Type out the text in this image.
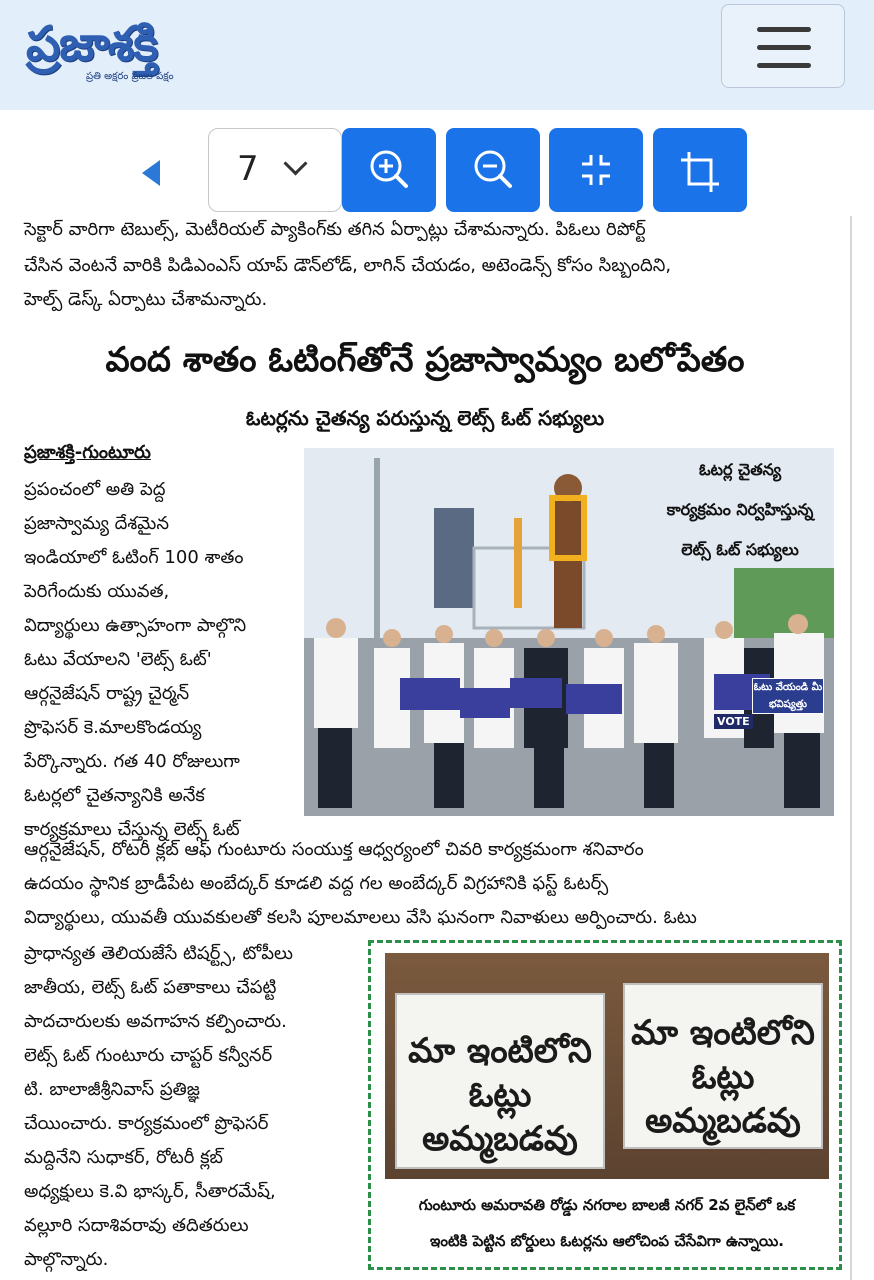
ప్రజాశక్తి
ప్రతి అక్షరం ప్రజల పక్షం
7
సెక్టార్ వారిగా టెబుల్స్, మెటీరియల్ ప్యాకింగ్‌కు తగిన ఏర్పాట్లు చేశామన్నారు. పిఓలు రిపోర్ట్
చేసిన వెంటనే వారికి పిడిఎంఎస్ యాప్ డౌన్‌లోడ్, లాగిన్ చేయడం, అటెండెన్స్ కోసం సిబ్బందిని,
హెల్ప్ డెస్క్ ఏర్పాటు చేశామన్నారు.
వంద శాతం ఓటింగ్‌తోనే ప్రజాస్వామ్యం బలోపేతం
ఓటర్లను చైతన్య పరుస్తున్న లెట్స్ ఓట్ సభ్యులు
ప్రజాశక్తి-గుంటూరు
ప్రపంచంలో అతి పెద్ద
ప్రజాస్వామ్య దేశమైన
ఇండియాలో ఓటింగ్ 100 శాతం
పెరిగేందుకు యువత,
విద్యార్థులు ఉత్సాహంగా పాల్గొని
ఓటు వేయాలని 'లెట్స్ ఓట్'
ఆర్గనైజేషన్ రాష్ట్ర చైర్మన్
ప్రొఫెసర్ కె.మాలకొండయ్య
పేర్కొన్నారు. గత 40 రోజులుగా
ఓటర్లలో చైతన్యానికి అనేక
ఓటు వేయండి మీ భవిష్యత్తు
VOTE
ఓటర్ల చైతన్య
కార్యక్రమం నిర్వహిస్తున్న
లెట్స్ ఓట్ సభ్యులు
కార్యక్రమాలు చేస్తున్న లెట్స్ ఓట్
ఆర్గనైజేషన్, రోటరీ క్లబ్ ఆఫ్ గుంటూరు సంయుక్త ఆధ్వర్యంలో చివరి కార్యక్రమంగా శనివారం
ఉదయం స్థానిక బ్రాడీపేట అంబేద్కర్ కూడలి వద్ద గల అంబేద్కర్ విగ్రహానికి ఫస్ట్ ఓటర్స్
విద్యార్థులు, యువతీ యువకులతో కలసి పూలమాలలు వేసి ఘనంగా నివాళులు అర్పించారు. ఓటు
ప్రాధాన్యత తెలియజేసే టిషర్ట్స్, టోపీలు
జాతీయ, లెట్స్ ఓట్ పతాకాలు చేపట్టి
పాదచారులకు అవగాహన కల్పించారు.
లెట్స్ ఓట్ గుంటూరు చాప్టర్ కన్వీనర్
టి. బాలాజీశ్రీనివాస్ ప్రతిజ్ఞ
చేయించారు. కార్యక్రమంలో ప్రొఫెసర్
మద్దినేని సుధాకర్, రోటరీ క్లబ్
అధ్యక్షులు కె.వి భాస్కర్, సీతారమేష్,
వల్లూరి సదాశివరావు తదితరులు
పాల్గొన్నారు.
మా ఇంటిలోని
ఓట్లు అమ్మబడవు
మా ఇంటిలోని
ఓట్లు అమ్మబడవు
గుంటూరు అమరావతి రోడ్డు నగరాల బాలజీ నగర్ 2వ లైన్‌లో ఒక
ఇంటికి పెట్టిన బోర్డులు ఓటర్లను ఆలోచింప చేసేవిగా ఉన్నాయి.
